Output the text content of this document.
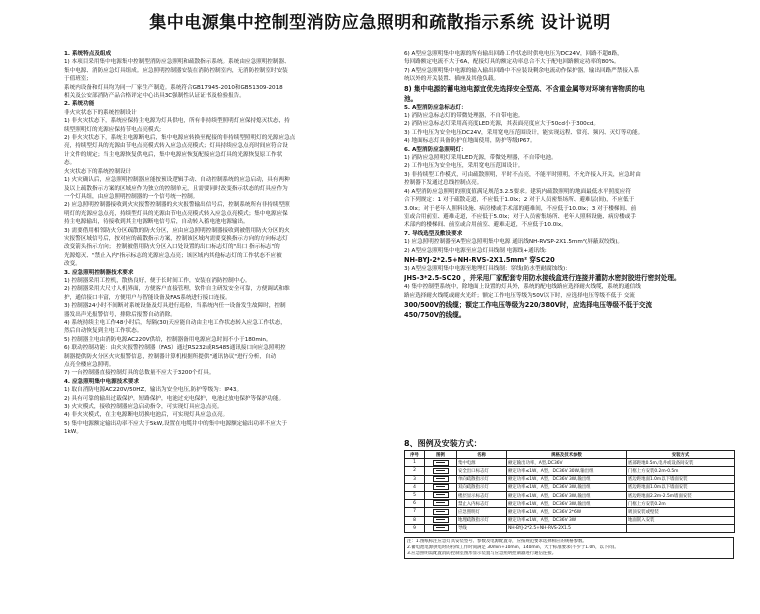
集中电源集中控制型消防应急照明和疏散指示系统 设计说明
1. 系统特点及组成
1) 本项目采用集中电源集中控制型消防应急照明和疏散指示系统。系统由应急照明控制器、
集中电源、消防应急灯具组成。应急照明控制器安装在消防控制室内，无消防控制室时安装
于值班室;
系统内设备和灯具均为同一厂家生产制造。系统符合GB17945-2010和GB51309-2018
相关及公安部消防产品合格评定中心出具3C强制性认证证书及检验报告。
2. 系统功能
非火灾状态下的系统控制设计
1) 非火灾状态下，系统应保持主电源为灯具供电，所有非持续型照明灯应保持熄灭状态，持
续型照明灯的光源应保持节电点亮模式;
2) 非火灾状态下，系统主电源断电后，集中电源应转换至配接的非持续型照明灯的光源应急点
亮，持续型灯具的光源由节电点亮模式转入应急点亮模式；灯具持续应急点亮时间应符合设
计文件的规定；当主电源恢复供电后，集中电源应恢复配接应急灯具的光源恢复原工作状
态。
火灾状态下的系统控制设计
1) 火灾确认后，应急照明控制器应能按预设逻辑手动、自动控制系统的应急启动，具有两种
及以上疏散指示方案的区域应作为独立的控制单元，且需要同时改变指示状态的灯具应作为
一个灯具组，由应急照明控制器的一个信号统一控制。
2) 应急照明控制器接收到火灾报警控制器的火灾报警输出信号后，控制系统所有非持续型照
明灯的光源应急点亮，持续型灯具的光源由节电点亮模式转入应急点亮模式；集中电源应保
持主电源输出，待接收到其主电源断电信号后，自动转入蓄电池电源输出。
3) 需要借用相邻防火分区疏散的防火分区，应由应急照明控制器接收到被借用防火分区的火
灾报警区域信号后，按对应的疏散指示方案，控制该区域内需要变换指示方向的方向标志灯
改变箭头指示方向； 控制被借用防火分区入口处设置的出口标志灯的"出口 指示标志"的
光源熄灭、"禁止入内"指示标志的光源应急点亮；该区域内其他标志灯的工作状态不应被
改变。
3. 应急照明控制器技术要求
1) 控制器采用工控机，散热良好，便于长时间工作，安装在消防控制中心。
2) 控制器采用大尺寸人机界面，方便客户直接管理，软件自主研发安全可靠，方便调试和维
护，通信接口丰富，方便用户与智能设备及FAS系统进行接口连接。
3) 控制器24小时不间断对系统设备及灯具进行巡检，当系统内任一设备发生故障时，控制
器发出声光报警信号，排除后报警自动消除。
4) 系统持续主电工作48小时后，每隔(30)天应能自动由主电工作状态转入应急工作状态，
然后自动恢复到主电工作状态。
5) 控制器主电由消防电源AC220V供给，控制器备用电源应急时间不小于180min。
6) 联动控制功能：由火灾报警控制器（FAS）通过RS232或RS485通讯接口向应急照明控
制器提供防火分区火灾报警信息，控制器计算机根据所提供"通讯协议"进行分析，自动
点亮全楼应急照明。
7) 一台控制器直接控制灯具的总数量不应大于3200个灯具。
4. 应急照明集中电源技术要求
1) 取自消防电源AC220V/50HZ，输出为安全电压,防护等级为：IP43。
2) 具有可靠的输出过载保护，短路保护，电池过充电保护，电池过放电保护等保护功能。
3) 火灾模式，接收控制器应急启动指令，可实现灯具应急点亮。
4) 非火灾模式，在主电源断电切换电池后，可实现灯具应急点亮。
5) 集中电源额定输出功率不应大于5kW,设置在电缆井中的集中电源额定输出功率不应大于
1kW。
6) A型应急照明集中电源的所有输出回路工作状态时供电电压为DC24V，回路不超8路，
每回路额定电流不大于6A，配接灯具的额定功率总合不大于配电回路额定功率的80%。
7) A型应急照明集中电源的输入输出回路中不应装设剩余电流动作保护器，输出回路严禁接入系
统以外的开关装置、插座及其他负载。
8) 集中电源的蓄电池电源宜优先选择安全型高、不含重金属等对环境有害物质的电
池。
5. A型消防应急标志灯：
1) 消防应急标志灯的带微处理器，不自带电池。
2) 消防应急标志灯采用高亮度LED光源，其表面亮度应大于50cd小于300cd。
3) 工作电压为安全电压DC24V，采用宽电压范围设计，能实现远程、常亮、频闪、灭灯等功能。
4) 地面标志灯具备防护在地面使用，防护等级IP67。
6. A型消防应急照明灯：
1) 消防应急照明灯采用LED光源，带微处理器，不自带电池。
2) 工作电压为安全电压，采用宽电压范围设计。
3) 非持续型工作模式，可由疏散照明，平时不点亮，不能平时照明，不允许接入开关，应急时由
控制器下发通过总线控制点亮。
4) A型消防应急照明的照度值满足规范3.2.5要求。建筑内疏散照明的地面最低水平照度应符
合下列规定：1 对于疏散走道，不应低于1.0lx；2 对于人员密集场所、避难层(间)，不应低于
3.0lx；对于老年人照料设施、病房楼或手术部的避难间，不应低于10.0lx；3 对于楼梯间、前
室或合用前室、避难走道，不应低于5.0lx；对于人员密集场所、老年人照料设施、病房楼或手
术部内的楼梯间、前室或合用前室、避难走道，不应低于10.0lx。
7. 导线选型及敷设要求
1) 应急照明控制器至A型应急照明集中电源 通讯线NH-RVSP-2X1.5mm²(屏蔽双绞线)。
2) A型应急照明集中电源至应急灯具线制 电源线+通讯线:
NH-BYJ-2*2.5+NH-RVS-2X1.5mm² 穿SC20
3) A型应急照明集中电源至地埋灯具线制：穿线(防水型耐腐蚀线)：
JHS-3*2.5-SC20 ，并采用厂家配套专用防水接线盒进行连接并灌防水密封胶进行密封处理。
4) 集中控制型系统中，除地面上设置的灯具外，系统的配电线路应选择耐火线缆，系统的通信线
路应选择耐火线缆或耐火光纤；额定工作电压等级为50V以下时，应选择电压等级不低于 交流
300/500V的线缆；额定工作电压等级为220/380V时，应选择电压等级不低于交流
450/750V的线缆。
8、图例及安装方式：
序号	图例	名称	规格及技术参数	安装方式
1		集中电源	额定输出功率，A型,DC36V	底部距地0.5m,电井或设备间安装
2		安全出口标志灯	额定功率≤1W，A型，DC36V 30W,输出组	门框上方安装0.2m-0.5m
3		单向疏散指示灯	额定功率≤1W，A型，DC36V 3W,输出组	底边距地面1.0m以下墙面安装
4		双向疏散指示灯	额定功率≤1W，A型，DC36V 3W,输出组	底边距地面1.0m以下墙面安装
5		楼层显示标志灯	额定功率≤1W，A型，DC36V 3W,输出组	底边距地面2.2m-2.5m墙面安装
6		禁止入内标志灯	额定功率≤1W，A型，DC36V 3W,输出组	门框上方安装0.2m
7		应急照明灯	额定功率≤1W，A型，DC36V 2*6W	吸顶安装或壁装
8		地埋疏散指示灯	额定功率≤1W，A型，DC36V 3W	地面嵌入安装
9		导线	NH-BYJ-2*2.5+NH-RVS-2X1.5	
注：1.图纸标注应急灯具安装型号、参数及电源配置等，应按规范要求选择相应的规格参数。
2.蓄电池电源供电时的持续工作时间满足 30min+10min，140min，大于标准要求(不少于1.0h，以下同)。
3.应急照明需配置消防控制室图形显示装置与应急照明控制器进行通信连接。
